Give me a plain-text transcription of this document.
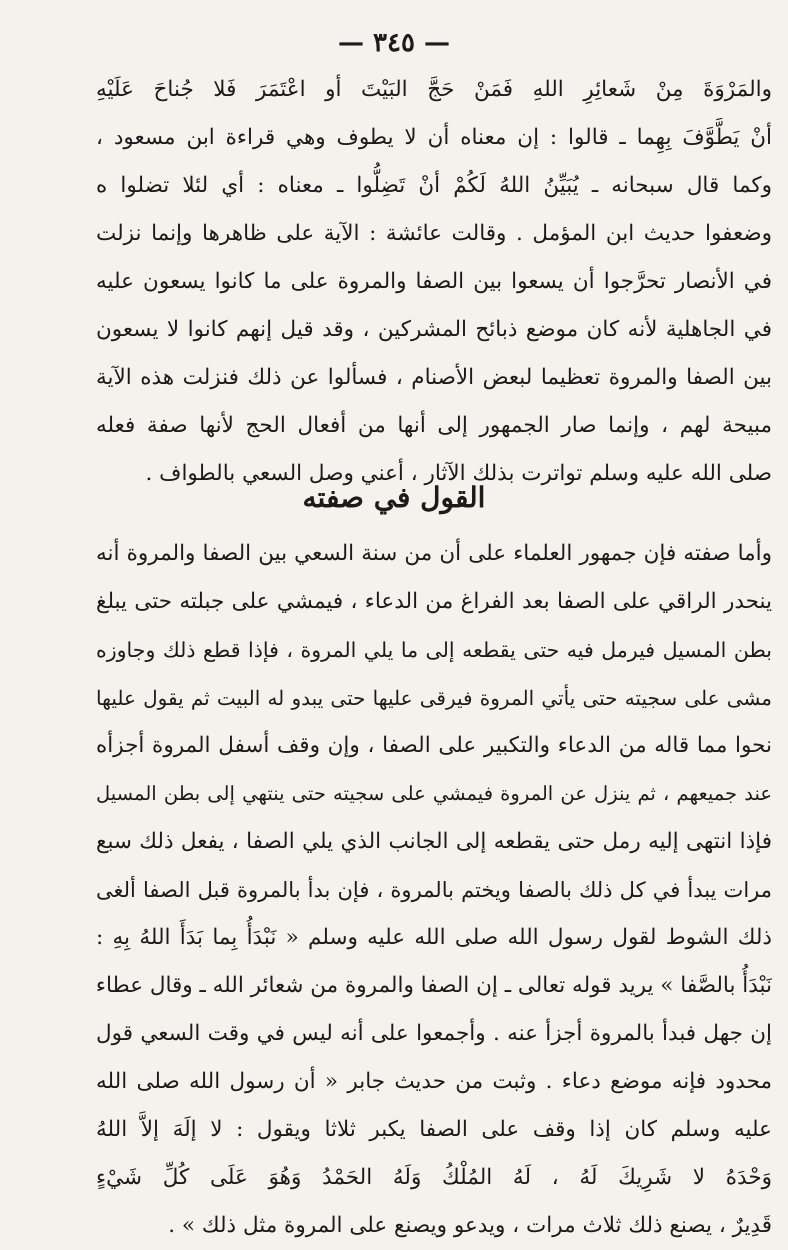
— ٣٤٥ —
والمَرْوَةَ مِنْ شَعائِرِ اللهِ فَمَنْ حَجَّ البَيْتَ أو اعْتَمَرَ فَلا جُناحَ عَلَيْهِ
أنْ يَطَّوَّفَ بِهِما ـ قالوا : إن معناه أن لا يطوف وهي قراءة ابن مسعود ،
وكما قال سبحانه ـ يُبَيِّنُ اللهُ لَكُمْ أنْ تَضِلُّوا ـ معناه : أي لئلا تضلوا ه
وضعفوا حديث ابن المؤمل . وقالت عائشة : الآية على ظاهرها وإنما نزلت
في الأنصار تحرَّجوا أن يسعوا بين الصفا والمروة على ما كانوا يسعون عليه
في الجاهلية لأنه كان موضع ذبائح المشركين ، وقد قيل إنهم كانوا لا يسعون
بين الصفا والمروة تعظيما لبعض الأصنام ، فسألوا عن ذلك فنزلت هذه الآية
مبيحة لهم ، وإنما صار الجمهور إلى أنها من أفعال الحج لأنها صفة فعله
صلى الله عليه وسلم تواترت بذلك الآثار ، أعني وصل السعي بالطواف .
القول في صفته
وأما صفته فإن جمهور العلماء على أن من سنة السعي بين الصفا والمروة أنه
ينحدر الراقي على الصفا بعد الفراغ من الدعاء ، فيمشي على جبلته حتى يبلغ
بطن المسيل فيرمل فيه حتى يقطعه إلى ما يلي المروة ، فإذا قطع ذلك وجاوزه
مشى على سجيته حتى يأتي المروة فيرقى عليها حتى يبدو له البيت ثم يقول عليها
نحوا مما قاله من الدعاء والتكبير على الصفا ، وإن وقف أسفل المروة أجزأه
عند جميعهم ، ثم ينزل عن المروة فيمشي على سجيته حتى ينتهي إلى بطن المسيل
فإذا انتهى إليه رمل حتى يقطعه إلى الجانب الذي يلي الصفا ، يفعل ذلك سبع
مرات يبدأ في كل ذلك بالصفا ويختم بالمروة ، فإن بدأ بالمروة قبل الصفا ألغى
ذلك الشوط لقول رسول الله صلى الله عليه وسلم « نَبْدَأُ بِما بَدَأَ اللهُ بِهِ :
نَبْدَأُ بالصَّفا » يريد قوله تعالى ـ إن الصفا والمروة من شعائر الله ـ وقال عطاء
إن جهل فبدأ بالمروة أجزأ عنه . وأجمعوا على أنه ليس في وقت السعي قول
محدود فإنه موضع دعاء . وثبت من حديث جابر « أن رسول الله صلى الله
عليه وسلم كان إذا وقف على الصفا يكبر ثلاثا ويقول : لا إلَهَ إلاَّ اللهُ
وَحْدَهُ لا شَرِيكَ لَهُ ، لَهُ المُلْكُ وَلَهُ الحَمْدُ وَهُوَ عَلَى كُلِّ شَيْءٍ
قَدِيرٌ ، يصنع ذلك ثلاث مرات ، ويدعو ويصنع على المروة مثل ذلك » .
